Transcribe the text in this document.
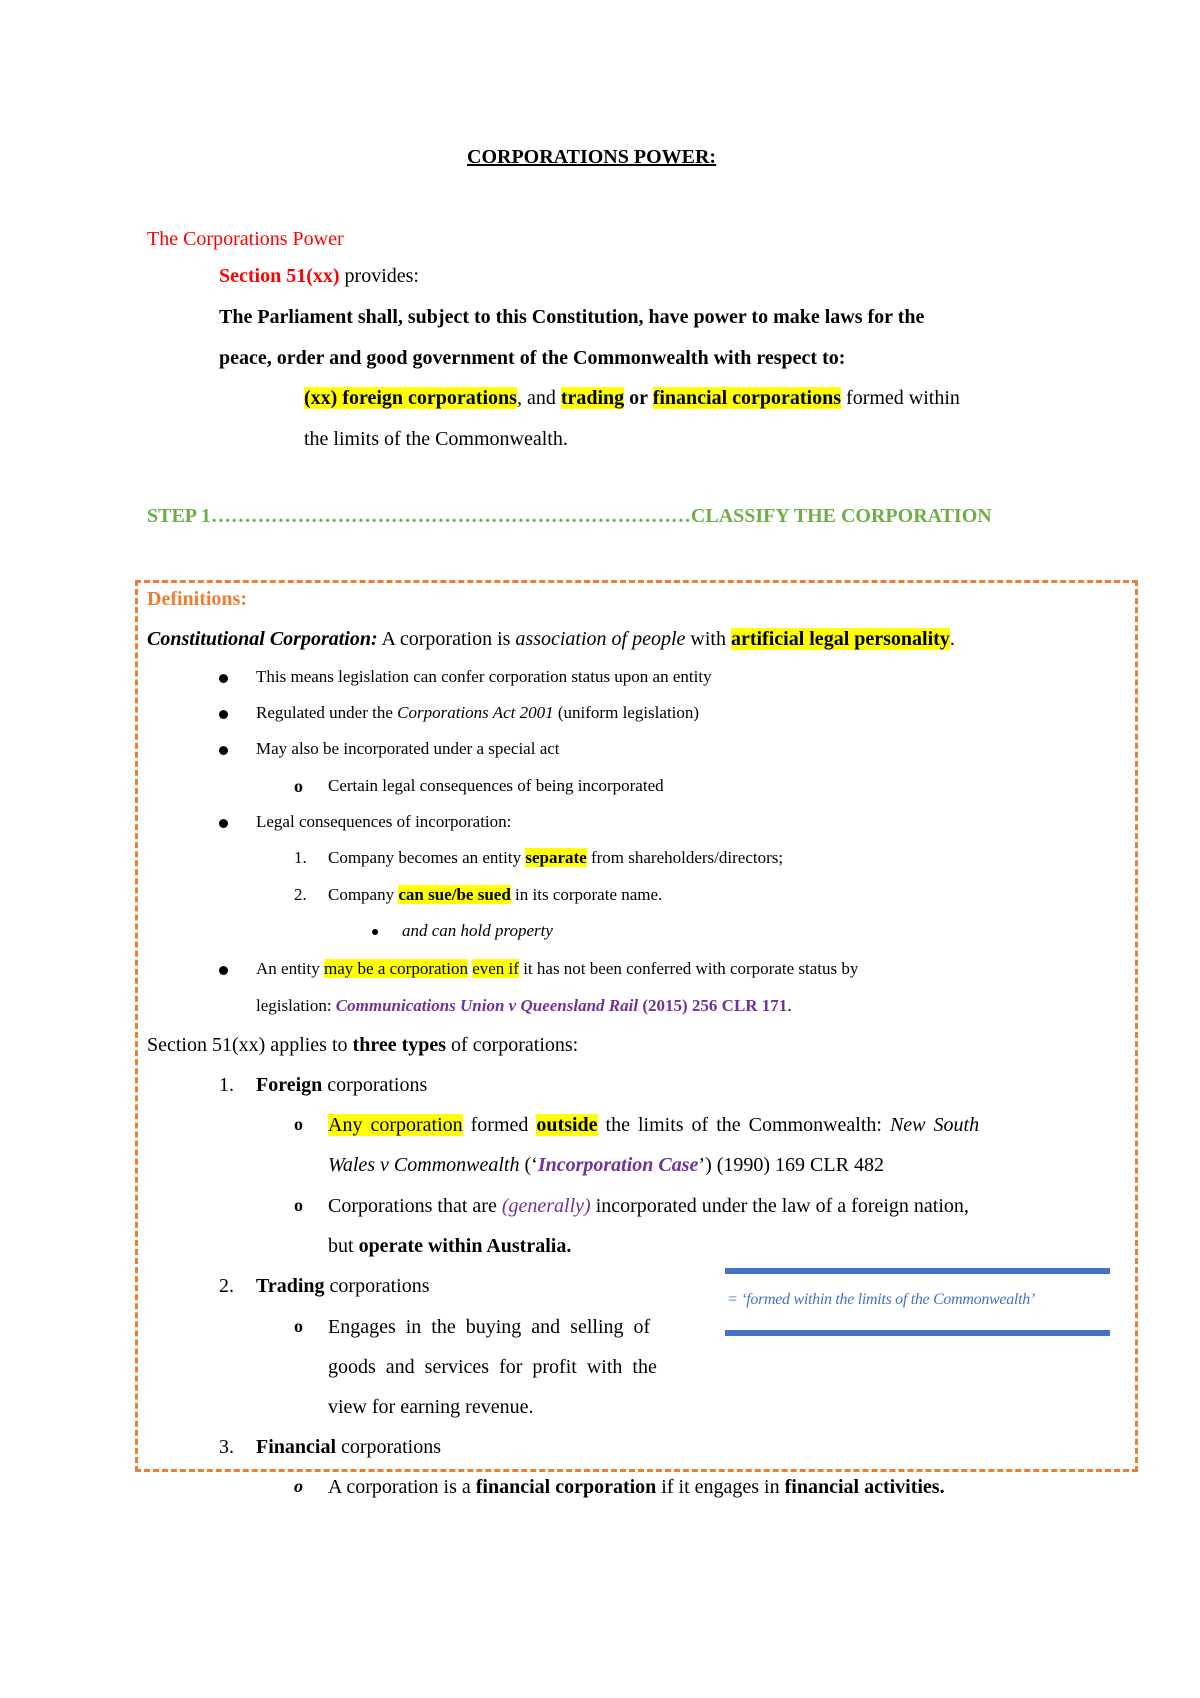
CORPORATIONS POWER:
The Corporations Power
Section 51(xx) provides:
The Parliament shall, subject to this Constitution, have power to make laws for the
peace, order and good government of the Commonwealth with respect to:
(xx) foreign corporations, and trading or financial corporations formed within
the limits of the Commonwealth.
STEP 1………………………………………………………………CLASSIFY THE CORPORATION
Definitions:
Constitutional Corporation: A corporation is association of people with artificial legal personality.
This means legislation can confer corporation status upon an entity
Regulated under the Corporations Act 2001 (uniform legislation)
May also be incorporated under a special act
o Certain legal consequences of being incorporated
Legal consequences of incorporation:
1. Company becomes an entity separate from shareholders/directors;
2. Company can sue/be sued in its corporate name.
and can hold property
An entity may be a corporation even if it has not been conferred with corporate status by
legislation: Communications Union v Queensland Rail (2015) 256 CLR 171.
Section 51(xx) applies to three types of corporations:
1. Foreign corporations
o Any corporation formed outside the limits of the Commonwealth: New South
Wales v Commonwealth (‘Incorporation Case’) (1990) 169 CLR 482
o Corporations that are (generally) incorporated under the law of a foreign nation,
but operate within Australia.
2. Trading corporations
o Engages  in  the  buying  and  selling  of
goods  and  services  for  profit  with  the
view for earning revenue.
3. Financial corporations
o A corporation is a financial corporation if it engages in financial activities.
= ‘formed within the limits of the Commonwealth’
